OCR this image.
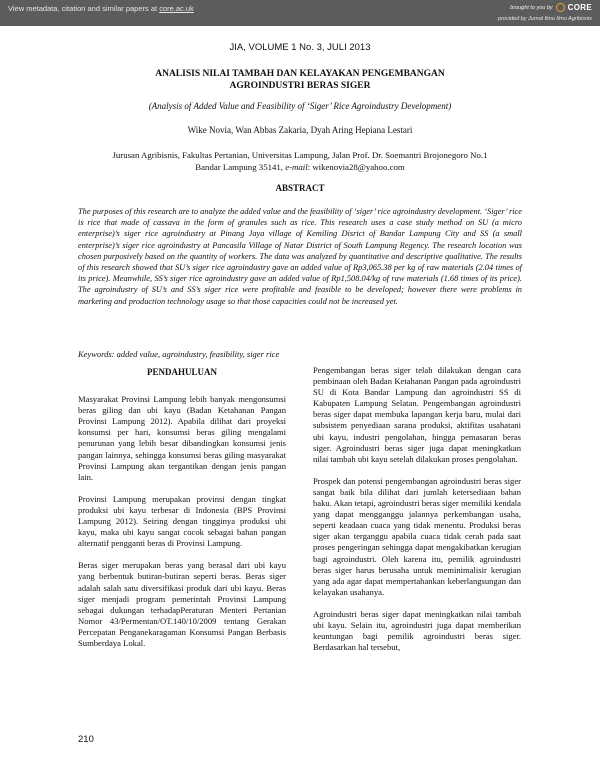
View metadata, citation and similar papers at core.ac.uk	brought to you by CORE
provided by Jurnal Ilmu Ilmu Agribisnis
JIA, VOLUME 1 No. 3, JULI 2013
ANALISIS NILAI TAMBAH DAN KELAYAKAN PENGEMBANGAN
AGROINDUSTRI BERAS SIGER
(Analysis of Added Value and Feasibility of ‘Siger’ Rice Agroindustry Development)
Wike Novia, Wan Abbas Zakaria, Dyah Aring Hepiana Lestari
Jurusan Agribisnis, Fakultas Pertanian, Universitas Lampung, Jalan Prof. Dr. Soemantri Brojonegoro No.1
Bandar Lampung 35141, e-mail: wikenovia28@yahoo.com
ABSTRACT
The purposes of this research are to analyze the added value and the feasibility of ‘siger’ rice agroindustry development. ‘Siger’ rice is rice that made of cassava in the form of granules such as rice. This research uses a case study method on SU (a micro enterprise)’s siger rice agroindustry at Pinang Jaya village of Kemiling Disrict of Bandar Lampung City and SS (a small enterprise)’s siger rice agroindustry at Pancasila Village of Natar District of South Lampung Regency. The research location was chosen purposively based on the quantity of workers. The data was analyzed by quantitative and descriptive qualitative. The results of this research showed that SU’s siger rice agroindustry gave an added value of Rp3,065.38 per kg of raw materials (2.04 times of its price). Meanwhile, SS’s siger rice agroindustry gave an added value of Rp1,508.04/kg of raw materials (1.68 times of its price). The agroindustry of SU’s and SS’s siger rice were profitable and feasible to be developed; however there were problems in marketing and production technology usage so that those capacities could not be increased yet.
Keywords: added value, agroindustry, feasibility, siger rice
PENDAHULUAN

Masyarakat Provinsi Lampung lebih banyak mengonsumsi beras giling dan ubi kayu (Badan Ketahanan Pangan Provinsi Lampung 2012). Apabila dilihat dari proyeksi konsumsi per hari, konsumsi beras giling mengalami penurunan yang lebih besar dibandingkan konsumsi jenis pangan lainnya, sehingga konsumsi beras giling masyarakat Provinsi Lampung akan tergantikan dengan jenis pangan lain.

Provinsi Lampung merupakan provinsi dengan tingkat produksi ubi kayu terbesar di Indonesia (BPS Provinsi Lampung 2012). Seiring dengan tingginya produksi ubi kayu, maka ubi kayu sangat cocok sebagai bahan pangan alternatif pengganti beras di Provinsi Lampung.

Beras siger merupakan beras yang berasal dari ubi kayu yang berbentuk butiran-butiran seperti beras. Beras siger adalah salah satu diversifikasi produk dari ubi kayu. Beras siger menjadi program pemerintah Provinsi Lampung sebagai dukungan terhadapPeraturan Menteri Pertanian Nomor 43/Permentan/OT.140/10/2009 tentang Gerakan Percepatan Penganekaragaman Konsumsi Pangan Berbasis Sumberdaya Lokal.

Pengembangan beras siger telah dilakukan dengan cara pembinaan oleh Badan Ketahanan Pangan pada agroindustri SU di Kota Bandar Lampung dan agroindustri SS di Kabupaten Lampung Selatan. Pengembangan agroindustri beras siger dapat membuka lapangan kerja baru, mulai dari subsistem penyediaan sarana produksi, aktifitas usahatani ubi kayu, industri pengolahan, hingga pemasaran beras siger. Agroindustri beras siger juga dapat meningkatkan nilai tambah ubi kayu setelah dilakukan proses pengolahan.

Prospek dan potensi pengembangan agroindustri beras siger sangat baik bila dilihat dari jumlah ketersediaan bahan baku. Akan tetapi, agroindustri beras siger memiliki kendala yang dapat mengganggu jalannya perkembangan usaha, seperti keadaan cuaca yang tidak menentu. Produksi beras siger akan terganggu apabila cuaca tidak cerah pada saat proses pengeringan sehingga dapat mengakibatkan kerugian bagi agroindustri. Oleh karena itu, pemilik agroindustri beras siger harus berusaha untuk meminimalisir kerugian yang ada agar dapat mempertahankan keberlangsungan dan kelayakan usahanya.

Agroindustri beras siger dapat meningkatkan nilai tambah ubi kayu. Selain itu, agroindustri juga dapat memberikan keuntungan bagi pemilik agroindustri beras siger. Berdasarkan hal tersebut,

210
